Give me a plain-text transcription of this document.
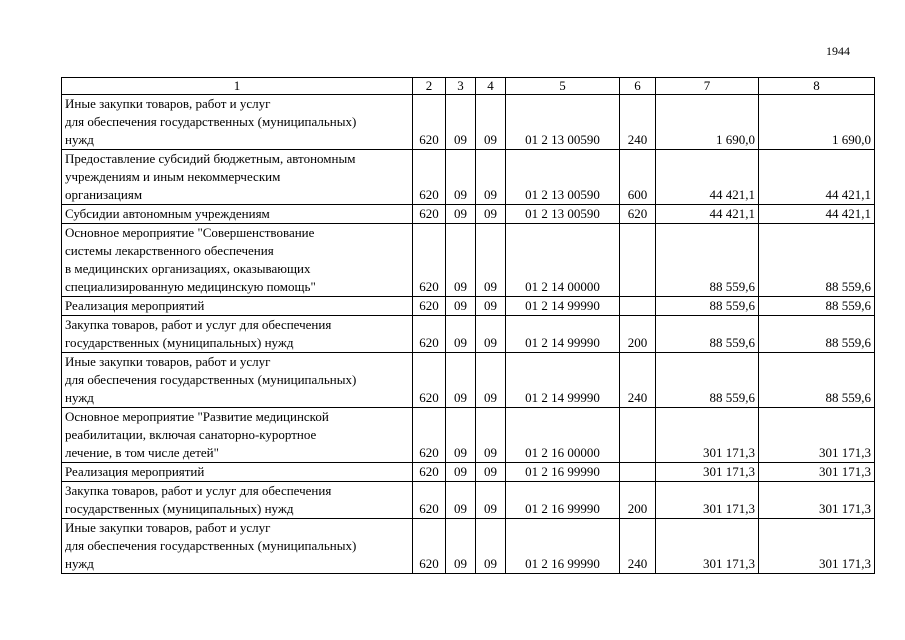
1944
1	2	3	4	5	6	7	8

Иные закупки товаров, работ и услуг
для обеспечения государственных (муниципальных)
нужд	620	09	09	01 2 13 00590	240	1 690,0	1 690,0

Предоставление субсидий бюджетным, автономным
учреждениям и иным некоммерческим
организациям	620	09	09	01 2 13 00590	600	44 421,1	44 421,1

Субсидии автономным учреждениям	620	09	09	01 2 13 00590	620	44 421,1	44 421,1

Основное мероприятие "Совершенствование
системы лекарственного обеспечения
в медицинских организациях, оказывающих
специализированную медицинскую помощь"	620	09	09	01 2 14 00000		88 559,6	88 559,6

Реализация мероприятий	620	09	09	01 2 14 99990		88 559,6	88 559,6

Закупка товаров, работ и услуг для обеспечения
государственных (муниципальных) нужд	620	09	09	01 2 14 99990	200	88 559,6	88 559,6

Иные закупки товаров, работ и услуг
для обеспечения государственных (муниципальных)
нужд	620	09	09	01 2 14 99990	240	88 559,6	88 559,6

Основное мероприятие "Развитие медицинской
реабилитации, включая санаторно-курортное
лечение, в том числе детей"	620	09	09	01 2 16 00000		301 171,3	301 171,3

Реализация мероприятий	620	09	09	01 2 16 99990		301 171,3	301 171,3

Закупка товаров, работ и услуг для обеспечения
государственных (муниципальных) нужд	620	09	09	01 2 16 99990	200	301 171,3	301 171,3

Иные закупки товаров, работ и услуг
для обеспечения государственных (муниципальных)
нужд	620	09	09	01 2 16 99990	240	301 171,3	301 171,3
